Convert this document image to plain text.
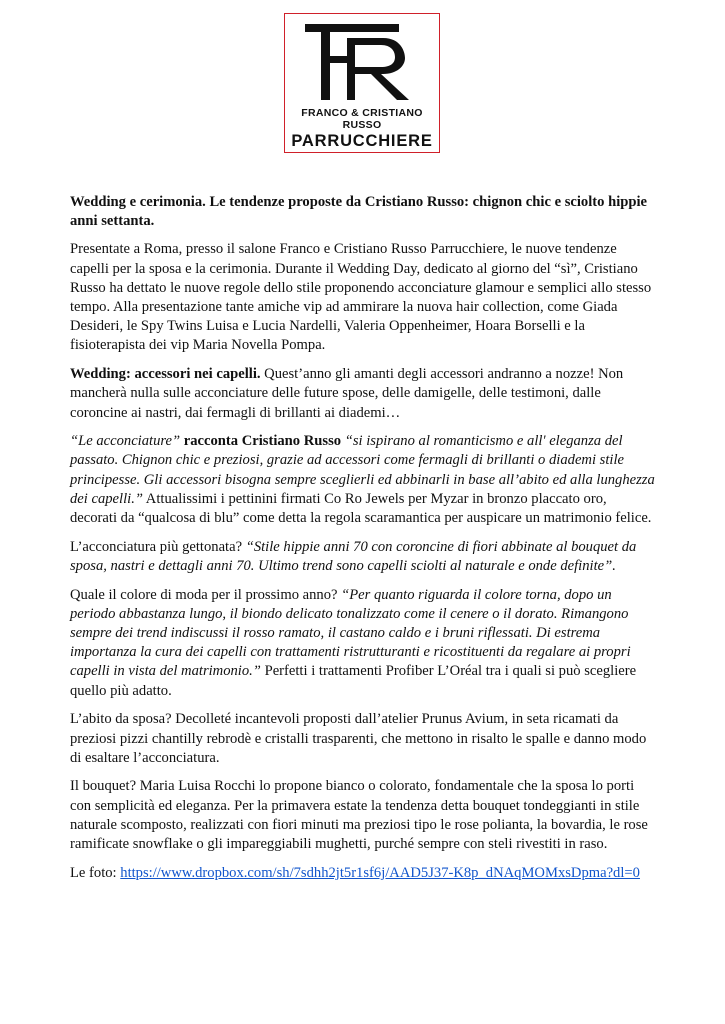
FRANCO & CRISTIANO
RUSSO
PARRUCCHIERE

Wedding e cerimonia. Le tendenze proposte da Cristiano Russo: chignon chic e sciolto hippie anni settanta.

Presentate a Roma, presso il salone Franco e Cristiano Russo Parrucchiere, le nuove tendenze capelli per la sposa e la cerimonia. Durante il Wedding Day, dedicato al giorno del “sì”, Cristiano Russo ha dettato le nuove regole dello stile proponendo acconciature glamour e semplici allo stesso tempo. Alla presentazione tante amiche vip ad ammirare la nuova hair collection, come Giada Desideri, le Spy Twins Luisa e Lucia Nardelli, Valeria Oppenheimer, Hoara Borselli e la fisioterapista dei vip Maria Novella Pompa.

Wedding: accessori nei capelli. Quest’anno gli amanti degli accessori andranno a nozze! Non mancherà nulla sulle acconciature delle future spose, delle damigelle, delle testimoni, dalle coroncine ai nastri, dai fermagli di brillanti ai diademi…

“Le acconciature” racconta Cristiano Russo “si ispirano al romanticismo e all' eleganza del passato. Chignon chic e preziosi, grazie ad accessori come fermagli di brillanti o diademi stile principesse. Gli accessori bisogna sempre sceglierli ed abbinarli in base all’abito ed alla lunghezza dei capelli.” Attualissimi i pettinini firmati Co Ro Jewels per Myzar in bronzo placcato oro, decorati da “qualcosa di blu” come detta la regola scaramantica per auspicare un matrimonio felice.

L’acconciatura più gettonata? “Stile hippie anni 70 con coroncine di fiori abbinate al bouquet da sposa, nastri e dettagli anni 70. Ultimo trend sono capelli sciolti al naturale e onde definite”.

Quale il colore di moda per il prossimo anno? “Per quanto riguarda il colore torna, dopo un periodo abbastanza lungo, il biondo delicato tonalizzato come il cenere o il dorato. Rimangono sempre dei trend indiscussi il rosso ramato, il castano caldo e i bruni riflessati. Di estrema importanza la cura dei capelli con trattamenti ristrutturanti e ricostituenti da regalare ai propri capelli in vista del matrimonio.” Perfetti i trattamenti Profiber L’Oréal tra i quali si può scegliere quello più adatto.

L’abito da sposa? Decolleté incantevoli proposti dall’atelier Prunus Avium, in seta ricamati da preziosi pizzi chantilly rebrodè e cristalli trasparenti, che mettono in risalto le spalle e danno modo di esaltare l’acconciatura.

Il bouquet? Maria Luisa Rocchi lo propone bianco o colorato, fondamentale che la sposa lo porti con semplicità ed eleganza. Per la primavera estate la tendenza detta bouquet tondeggianti in stile naturale scomposto, realizzati con fiori minuti ma preziosi tipo le rose polianta, la bovardia, le rose ramificate snowflake o gli impareggiabili mughetti, purché sempre con steli rivestiti in raso.

Le foto: https://www.dropbox.com/sh/7sdhh2jt5r1sf6j/AAD5J37-K8p_dNAqMOMxsDpma?dl=0
